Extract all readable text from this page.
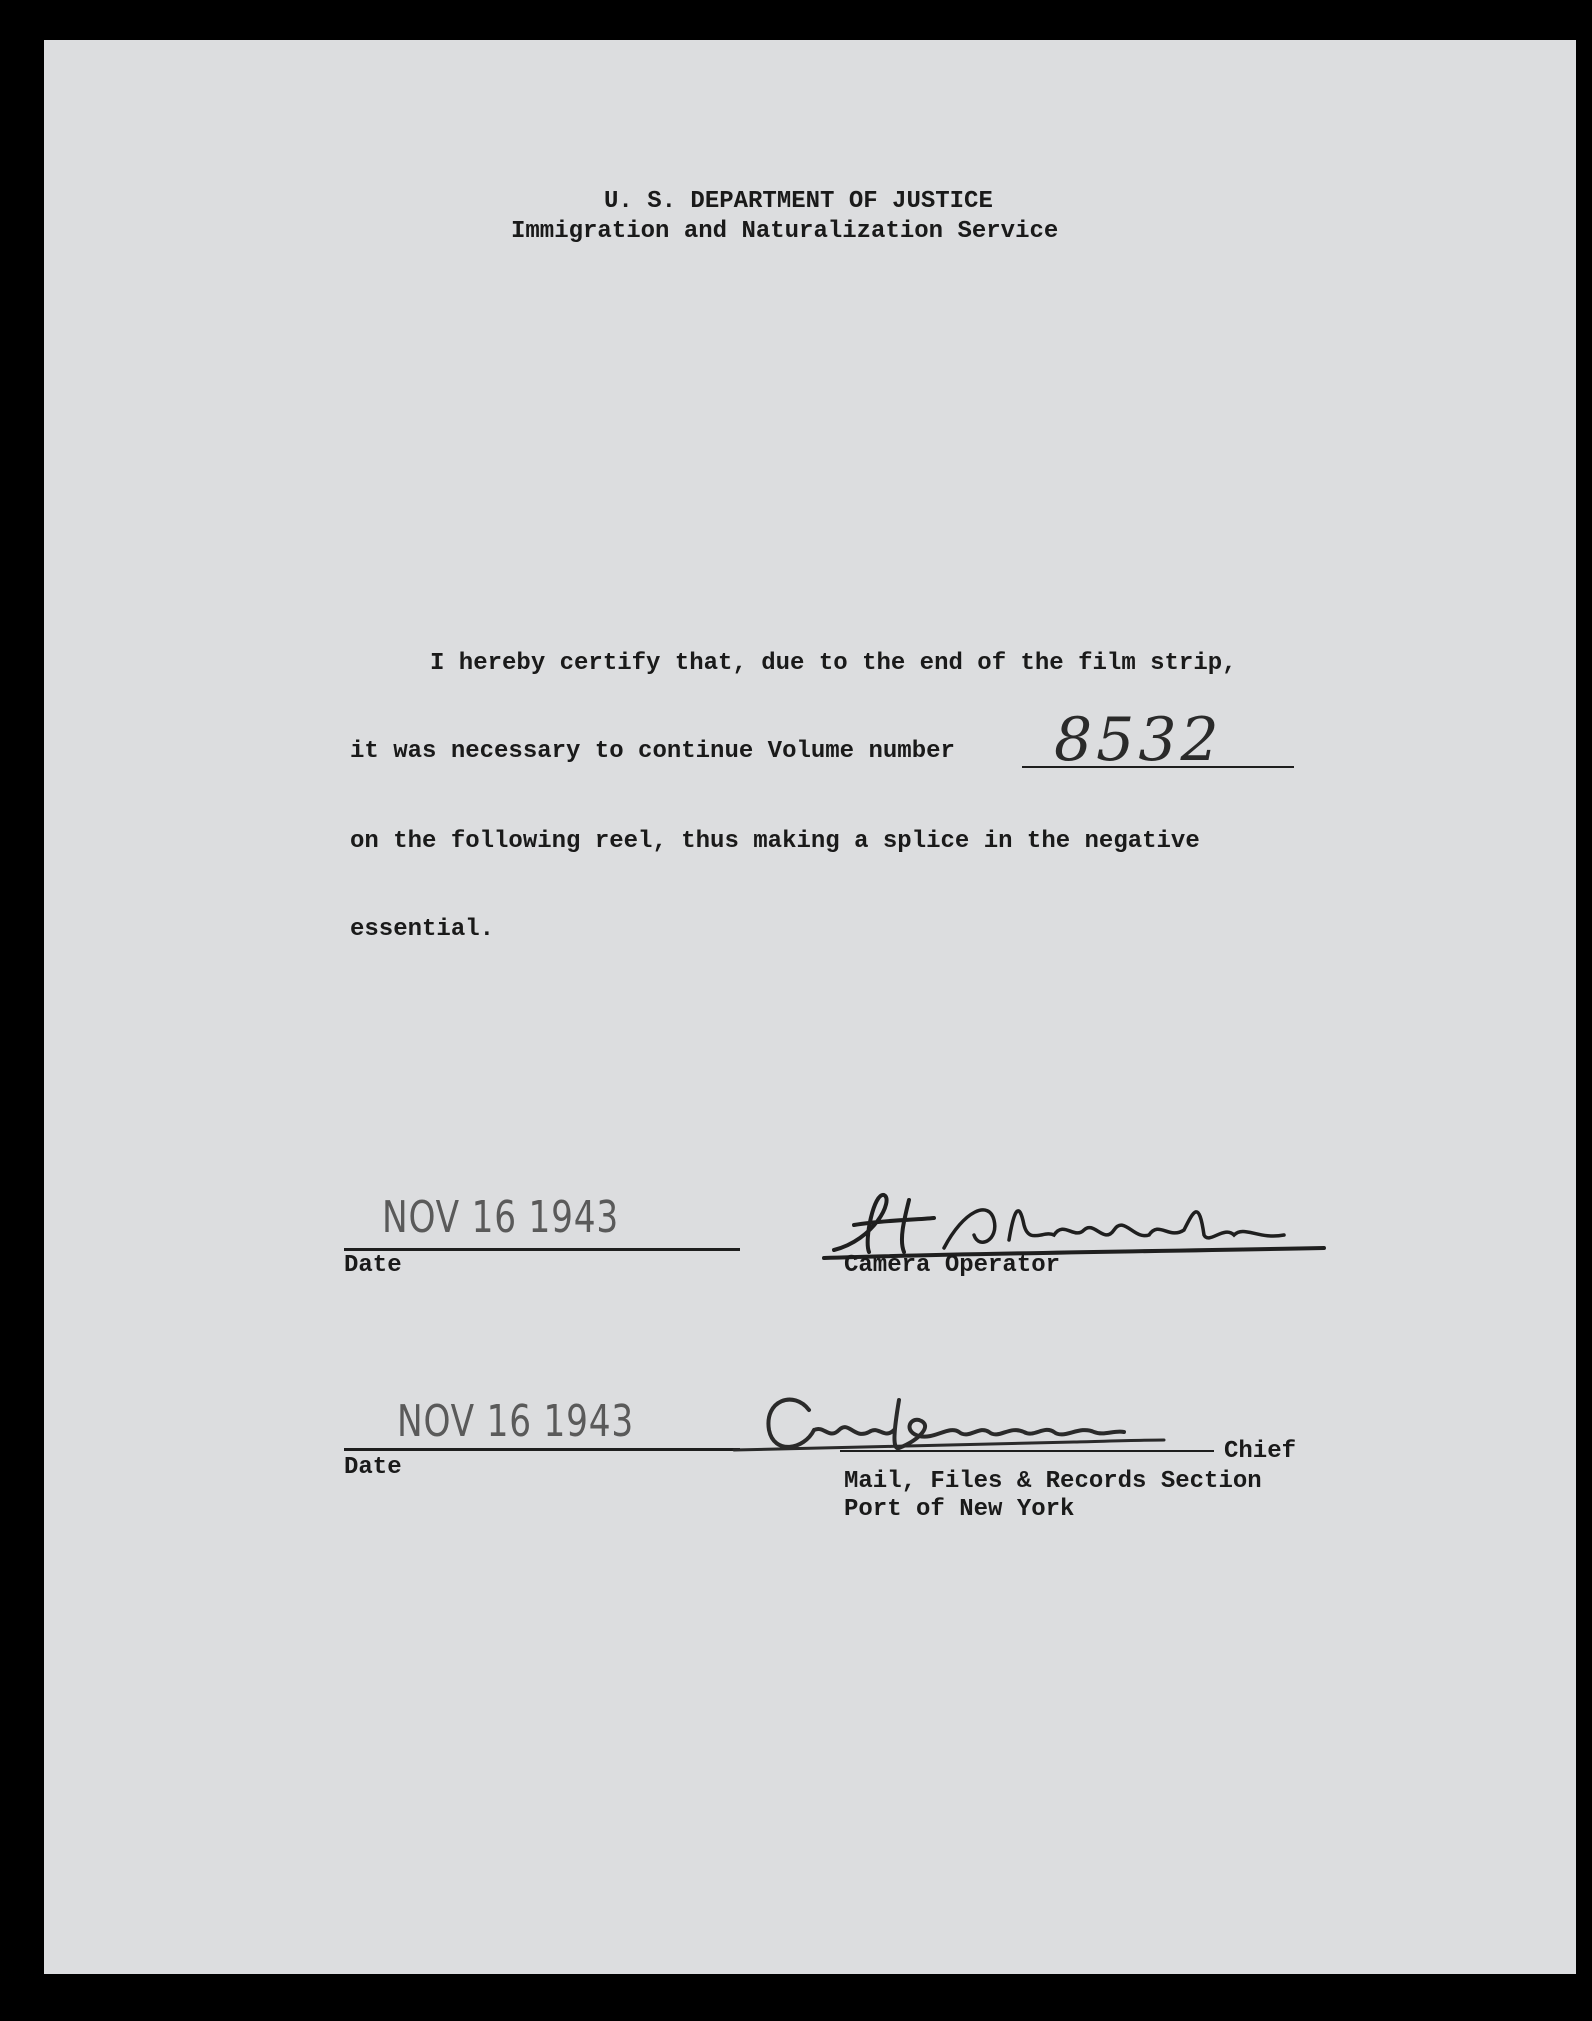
U. S. DEPARTMENT OF JUSTICE
Immigration and Naturalization Service
I hereby certify that, due to the end of the film strip,
it was necessary to continue Volume number 8532
on the following reel, thus making a splice in the negative
essential.
NOV 16 1943
Date	Camera Operator
NOV 16 1943
Date
Chief
Mail, Files & Records Section
Port of New York
